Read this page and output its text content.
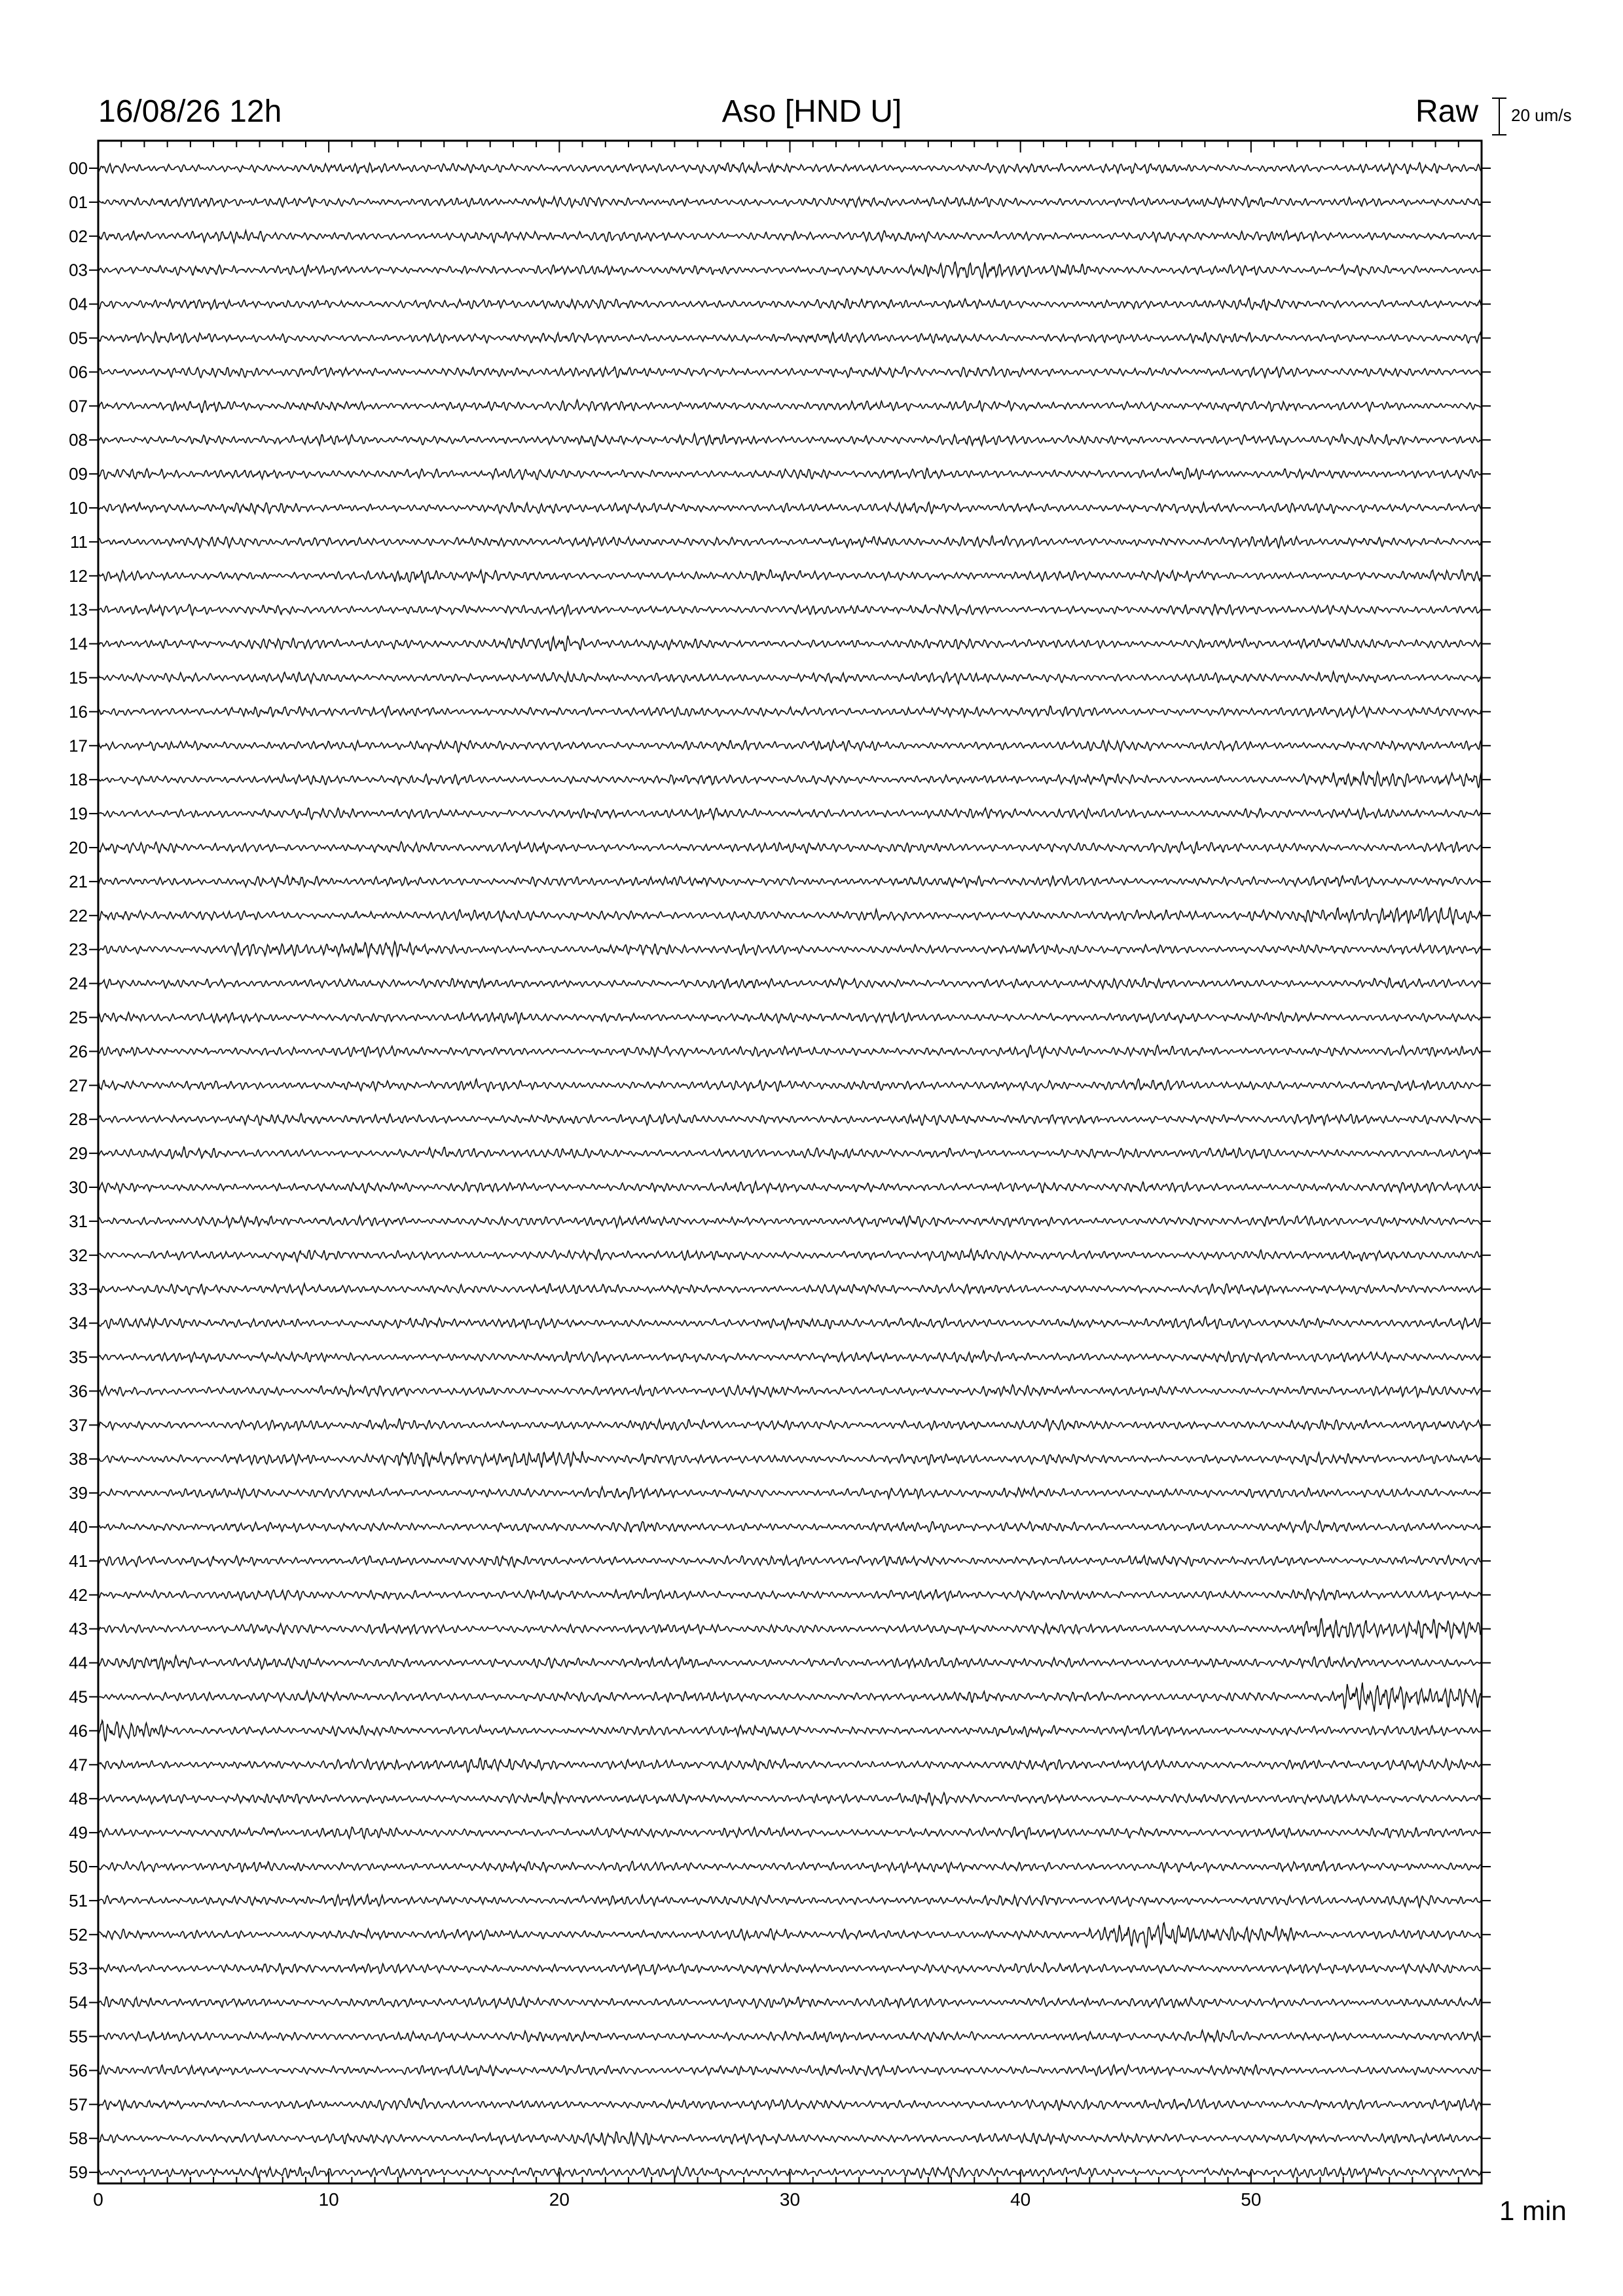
16/08/26 12h	Aso [HND U]	Raw 20 um/s
0	10	20	30	40	50
00
01
02
03
04
05
06
07
08
09
10
11
12
13
14
15
16
17
18
19
20
21
22
23
24
25
26
27
28
29
30
31
32
33
34
35
36
37
38
39
40
41
42
43
44
45
46
47
48
49
50
51
52
53
54
55
56
57
58
59
1 min
